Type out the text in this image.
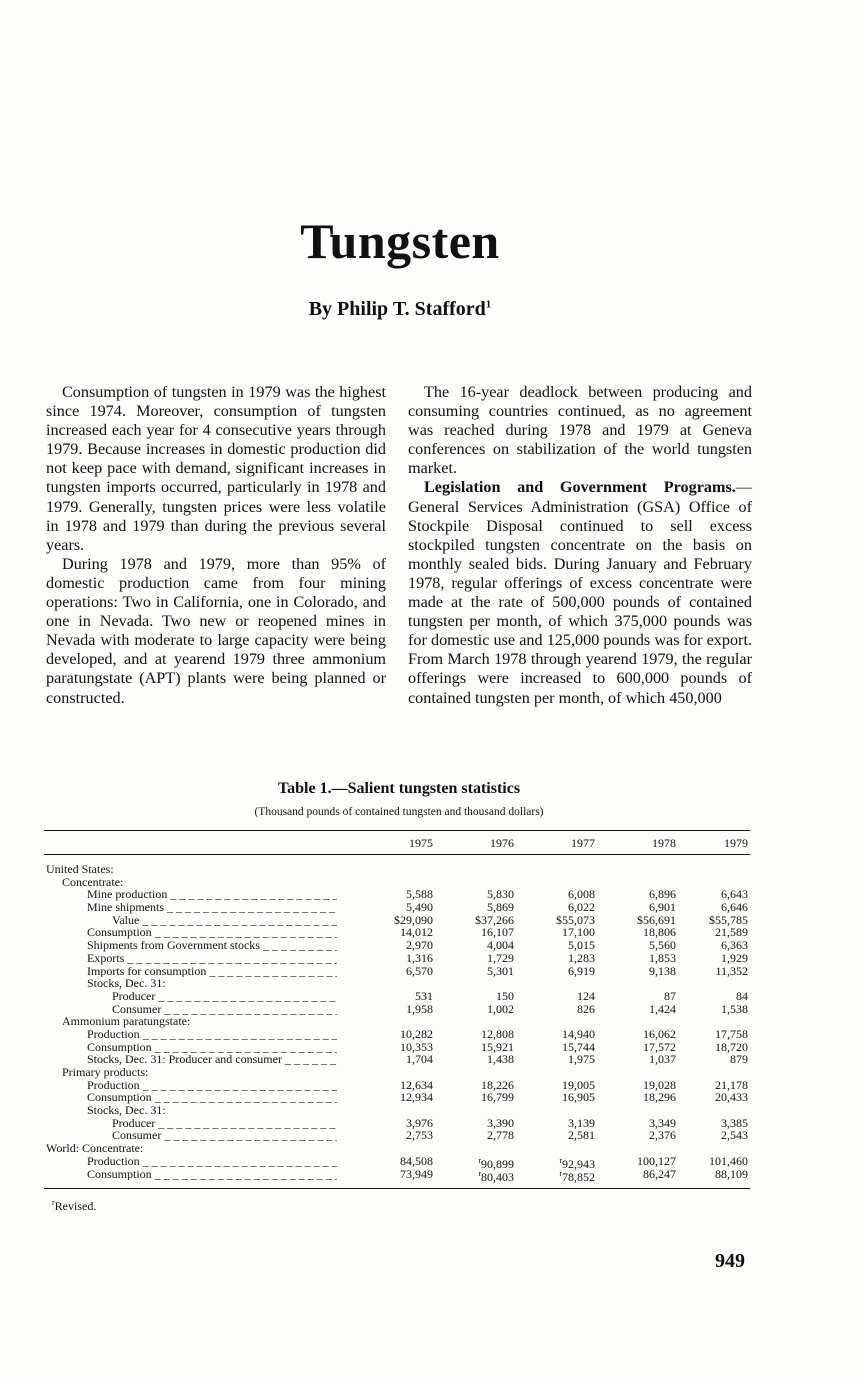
Tungsten

By Philip T. Stafford$^1$

Consumption of tungsten in 1979 was the highest since 1974. Moreover, consumption of tungsten increased each year for 4 consecutive years through 1979. Because increases in domestic production did not keep pace with demand, significant increases in tungsten imports occurred, particularly in 1978 and 1979. Generally, tungsten prices were less volatile in 1978 and 1979 than during the previous several years.

During 1978 and 1979, more than 95% of domestic production came from four mining operations: Two in California, one in Colorado, and one in Nevada. Two new or reopened mines in Nevada with moderate to large capacity were being developed, and at yearend 1979 three ammonium paratungstate (APT) plants were being planned or constructed.

The 16-year deadlock between producing and consuming countries continued, as no agreement was reached during 1978 and 1979 at Geneva conferences on stabilization of the world tungsten market.

Legislation and Government Programs.—General Services Administration (GSA) Office of Stockpile Disposal continued to sell excess stockpiled tungsten concentrate on the basis on monthly sealed bids. During January and February 1978, regular offerings of excess concentrate were made at the rate of 500,000 pounds of contained tungsten per month, of which 375,000 pounds was for domestic use and 125,000 pounds was for export. From March 1978 through yearend 1979, the regular offerings were increased to 600,000 pounds of contained tungsten per month, of which 450,000

Table 1.—Salient tungsten statistics

(Thousand pounds of contained tungsten and thousand dollars)

1975	1976	1977	1978	1979
United States:
Concentrate:
Mine production _ _ _	5,588	5,830	6,008	6,896	6,643
Mine shipments _ _ _	5,490	5,869	6,022	6,901	6,646
Value _ _ _	$29,090	$37,266	$55,073	$56,691	$55,785
Consumption _ _ _	14,012	16,107	17,100	18,806	21,589
Shipments from Government stocks _ _ _	2,970	4,004	5,015	5,560	6,363
Exports _ _ _	1,316	1,729	1,283	1,853	1,929
Imports for consumption _ _ _	6,570	5,301	6,919	9,138	11,352
Stocks, Dec. 31:
Producer _ _ _	531	150	124	87	84
Consumer _ _ _	1,958	1,002	826	1,424	1,538
Ammonium paratungstate:
Production _ _ _	10,282	12,808	14,940	16,062	17,758
Consumption _ _ _	10,353	15,921	15,744	17,572	18,720
Stocks, Dec. 31: Producer and consumer _ _ _	1,704	1,438	1,975	1,037	879
Primary products:
Production _ _ _	12,634	18,226	19,005	19,028	21,178
Consumption _ _ _	12,934	16,799	16,905	18,296	20,433
Stocks, Dec. 31:
Producer _ _ _	3,976	3,390	3,139	3,349	3,385
Consumer _ _ _	2,753	2,778	2,581	2,376	2,543
World: Concentrate:
Production _ _ _	84,508	$^r$90,899	$^r$92,943	100,127	101,460
Consumption _ _ _	73,949	$^r$80,403	$^r$78,852	86,247	88,109

$^r$Revised.

949
